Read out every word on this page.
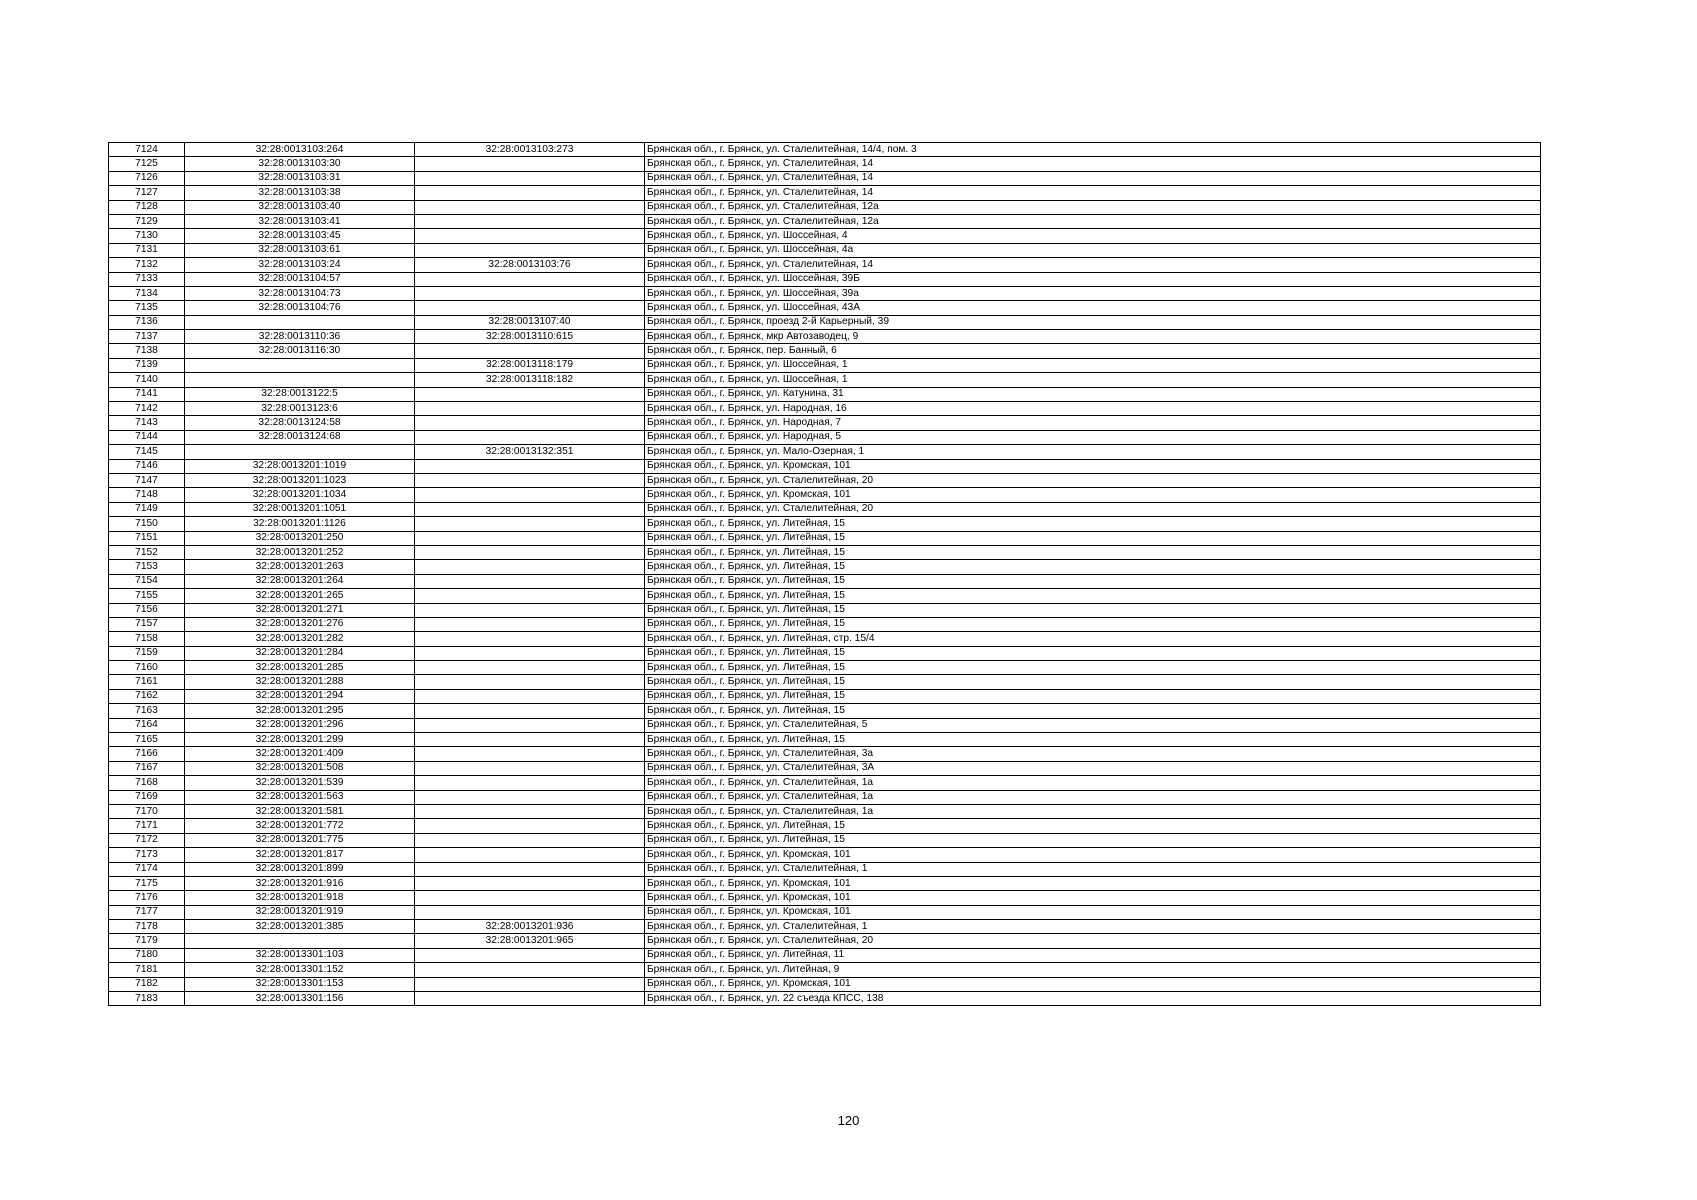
7124	32:28:0013103:264	32:28:0013103:273	Брянская обл., г. Брянск, ул. Сталелитейная, 14/4, пом. 3
7125	32:28:0013103:30		Брянская обл., г. Брянск, ул. Сталелитейная, 14
7126	32:28:0013103:31		Брянская обл., г. Брянск, ул. Сталелитейная, 14
7127	32:28:0013103:38		Брянская обл., г. Брянск, ул. Сталелитейная, 14
7128	32:28:0013103:40		Брянская обл., г. Брянск, ул. Сталелитейная, 12а
7129	32:28:0013103:41		Брянская обл., г. Брянск, ул. Сталелитейная, 12а
7130	32:28:0013103:45		Брянская обл., г. Брянск, ул. Шоссейная, 4
7131	32:28:0013103:61		Брянская обл., г. Брянск, ул. Шоссейная, 4а
7132	32:28:0013103:24	32:28:0013103:76	Брянская обл., г. Брянск, ул. Сталелитейная, 14
7133	32:28:0013104:57		Брянская обл., г. Брянск, ул. Шоссейная, 39Б
7134	32:28:0013104:73		Брянская обл., г. Брянск, ул. Шоссейная, 39а
7135	32:28:0013104:76		Брянская обл., г. Брянск, ул. Шоссейная, 43А
7136		32:28:0013107:40	Брянская обл., г. Брянск, проезд 2-й Карьерный, 39
7137	32:28:0013110:36	32:28:0013110:615	Брянская обл., г. Брянск, мкр Автозаводец, 9
7138	32:28:0013116:30		Брянская обл., г. Брянск, пер. Банный, 6
7139		32:28:0013118:179	Брянская обл., г. Брянск, ул. Шоссейная, 1
7140		32:28:0013118:182	Брянская обл., г. Брянск, ул. Шоссейная, 1
7141	32:28:0013122:5		Брянская обл., г. Брянск, ул. Катунина, 31
7142	32:28:0013123:6		Брянская обл., г. Брянск, ул. Народная, 16
7143	32:28:0013124:58		Брянская обл., г. Брянск, ул. Народная, 7
7144	32:28:0013124:68		Брянская обл., г. Брянск, ул. Народная, 5
7145		32:28:0013132:351	Брянская обл., г. Брянск, ул. Мало-Озерная, 1
7146	32:28:0013201:1019		Брянская обл., г. Брянск, ул. Кромская, 101
7147	32:28:0013201:1023		Брянская обл., г. Брянск, ул. Сталелитейная, 20
7148	32:28:0013201:1034		Брянская обл., г. Брянск, ул. Кромская, 101
7149	32:28:0013201:1051		Брянская обл., г. Брянск, ул. Сталелитейная, 20
7150	32:28:0013201:1126		Брянская обл., г. Брянск, ул. Литейная, 15
7151	32:28:0013201:250		Брянская обл., г. Брянск, ул. Литейная, 15
7152	32:28:0013201:252		Брянская обл., г. Брянск, ул. Литейная, 15
7153	32:28:0013201:263		Брянская обл., г. Брянск, ул. Литейная, 15
7154	32:28:0013201:264		Брянская обл., г. Брянск, ул. Литейная, 15
7155	32:28:0013201:265		Брянская обл., г. Брянск, ул. Литейная, 15
7156	32:28:0013201:271		Брянская обл., г. Брянск, ул. Литейная, 15
7157	32:28:0013201:276		Брянская обл., г. Брянск, ул. Литейная, 15
7158	32:28:0013201:282		Брянская обл., г. Брянск, ул. Литейная, стр. 15/4
7159	32:28:0013201:284		Брянская обл., г. Брянск, ул. Литейная, 15
7160	32:28:0013201:285		Брянская обл., г. Брянск, ул. Литейная, 15
7161	32:28:0013201:288		Брянская обл., г. Брянск, ул. Литейная, 15
7162	32:28:0013201:294		Брянская обл., г. Брянск, ул. Литейная, 15
7163	32:28:0013201:295		Брянская обл., г. Брянск, ул. Литейная, 15
7164	32:28:0013201:296		Брянская обл., г. Брянск, ул. Сталелитейная, 5
7165	32:28:0013201:299		Брянская обл., г. Брянск, ул. Литейная, 15
7166	32:28:0013201:409		Брянская обл., г. Брянск, ул. Сталелитейная, 3а
7167	32:28:0013201:508		Брянская обл., г. Брянск, ул. Сталелитейная, 3А
7168	32:28:0013201:539		Брянская обл., г. Брянск, ул. Сталелитейная, 1а
7169	32:28:0013201:563		Брянская обл., г. Брянск, ул. Сталелитейная, 1а
7170	32:28:0013201:581		Брянская обл., г. Брянск, ул. Сталелитейная, 1а
7171	32:28:0013201:772		Брянская обл., г. Брянск, ул. Литейная, 15
7172	32:28:0013201:775		Брянская обл., г. Брянск, ул. Литейная, 15
7173	32:28:0013201:817		Брянская обл., г. Брянск, ул. Кромская, 101
7174	32:28:0013201:899		Брянская обл., г. Брянск, ул. Сталелитейная, 1
7175	32:28:0013201:916		Брянская обл., г. Брянск, ул. Кромская, 101
7176	32:28:0013201:918		Брянская обл., г. Брянск, ул. Кромская, 101
7177	32:28:0013201:919		Брянская обл., г. Брянск, ул. Кромская, 101
7178	32:28:0013201:385	32:28:0013201:936	Брянская обл., г. Брянск, ул. Сталелитейная, 1
7179		32:28:0013201:965	Брянская обл., г. Брянск, ул. Сталелитейная, 20
7180	32:28:0013301:103		Брянская обл., г. Брянск, ул. Литейная, 11
7181	32:28:0013301:152		Брянская обл., г. Брянск, ул. Литейная, 9
7182	32:28:0013301:153		Брянская обл., г. Брянск, ул. Кромская, 101
7183	32:28:0013301:156		Брянская обл., г. Брянск, ул. 22 съезда КПСС, 138
120
